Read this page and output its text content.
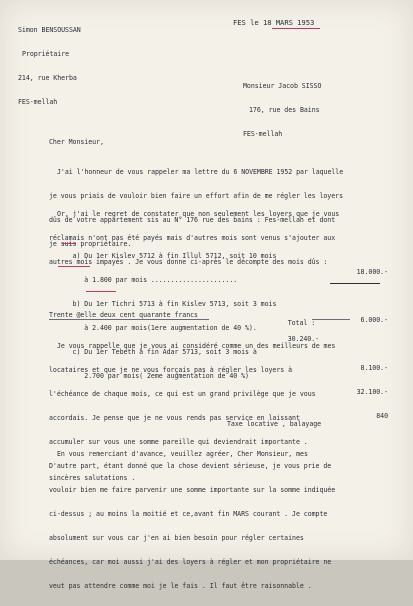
Simon BENSOUSSAN

Propriétaire

214, rue Kherba

FES-mellah

FES le 18 MARS 1953

Monsieur Jacob SISSO

176, rue des Bains

FES-mellah

Cher Monsieur,

J'ai l'honneur de vous rappeler ma lettre du 6 NOVEMBRE 1952 par laquelle

je vous priais de vouloir bien faire un effort afin de me régler les loyers

dûs de votre appartement sis au N° 176 rue des bains : Fes-mellah et dont

je suis propriétaire.

Or, j'ai le regret de constater que non seulement les loyers que je vous

réclamais n'ont pas été payés mais d'autres mois sont venus s'ajouter aux

autres mois impayés . Je vous donne ci-après le décompte des mois dûs :

a) Du 1er Kislev 5712 à fin Illul 5712, soit 10 mois

à 1.800 par mois ......................

18.000.-

b) Du 1er Tichri 5713 à fin Kislev 5713, soit 3 mois

à 2.400 par mois(1ere augmentation de 40 %).

6.000.-

c) Du 1er Tebeth à fin Adar 5713, soit 3 mois à

2.700 par mois( 2eme augmentation de 40 %)

8.100.-

32.100.-

Taxe locative , balayage

840

Trente @elle deux cent quarante francs

Total :

30.240.-

Je vous rappelle que je vous ai considéré comme un des meilleurs de mes

locataires et que je ne vous forçais pas à régler les loyers à

l'échéance de chaque mois, ce qui est un grand privilège que je vous

accordais. Je pense que je ne vous rends pas service en laissant

accumuler sur vous une somme pareille qui deviendrait importante .

D'autre part, étant donné que la chose devient sérieuse, je vous prie de

vouloir bien me faire parvenir une somme importante sur la somme indiquée

ci-dessus ; au moins la moitié et ce,avant fin MARS courant . Je compte

absolument sur vous car j'en ai bien besoin pour régler certaines

échéances, car moi aussi j'ai des loyers à régler et mon propriétaire ne

veut pas attendre comme moi je le fais . Il faut être raisonnable .

En vous remerciant d'avance, veuillez agréer, Cher Monsieur, mes

sincères salutations .
